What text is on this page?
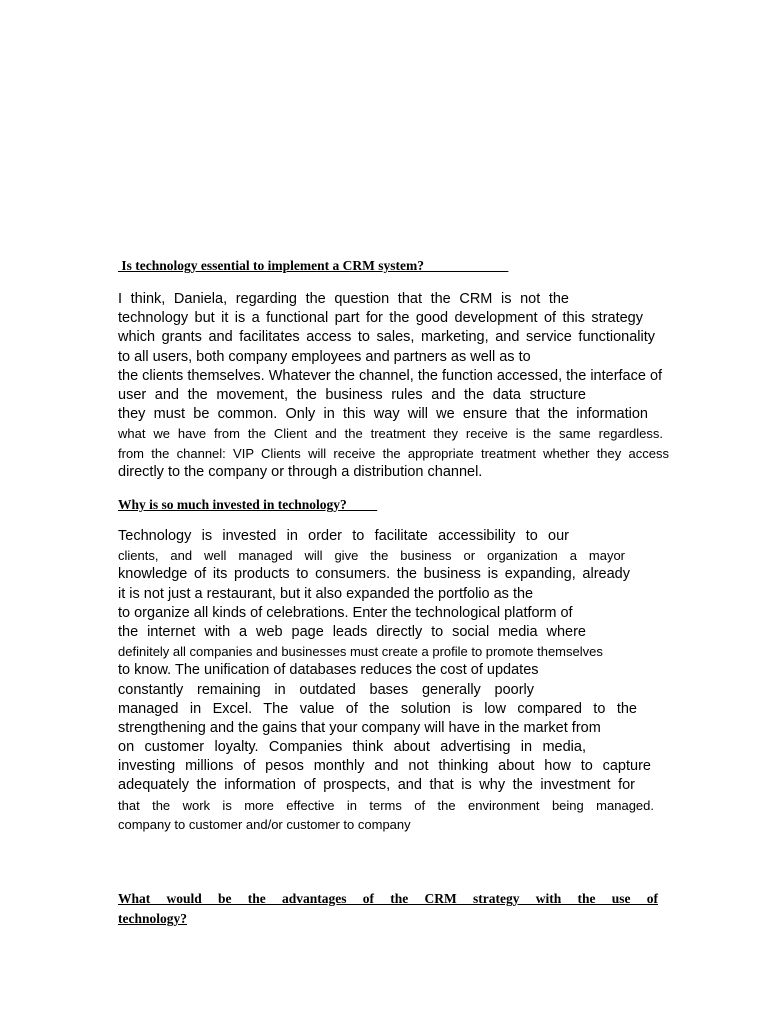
Is technology essential to implement a CRM system?

I think, Daniela, regarding the question that the CRM is not the
technology but it is a functional part for the good development of this strategy
which grants and facilitates access to sales, marketing, and service functionality
to all users, both company employees and partners as well as to
the clients themselves. Whatever the channel, the function accessed, the interface of
user and the movement, the business rules and the data structure
they must be common. Only in this way will we ensure that the information
what we have from the Client and the treatment they receive is the same regardless.
from the channel: VIP Clients will receive the appropriate treatment whether they access
directly to the company or through a distribution channel.

Why is so much invested in technology?

Technology is invested in order to facilitate accessibility to our
clients, and well managed will give the business or organization a mayor
knowledge of its products to consumers. the business is expanding, already
it is not just a restaurant, but it also expanded the portfolio as the
to organize all kinds of celebrations. Enter the technological platform of
the internet with a web page leads directly to social media where
definitely all companies and businesses must create a profile to promote themselves
to know. The unification of databases reduces the cost of updates
constantly remaining in outdated bases generally poorly
managed in Excel. The value of the solution is low compared to the
strengthening and the gains that your company will have in the market from
on customer loyalty. Companies think about advertising in media,
investing millions of pesos monthly and not thinking about how to capture
adequately the information of prospects, and that is why the investment for
that the work is more effective in terms of the environment being managed.
company to customer and/or customer to company
What would be the advantages of the CRM strategy with the use of
technology?
